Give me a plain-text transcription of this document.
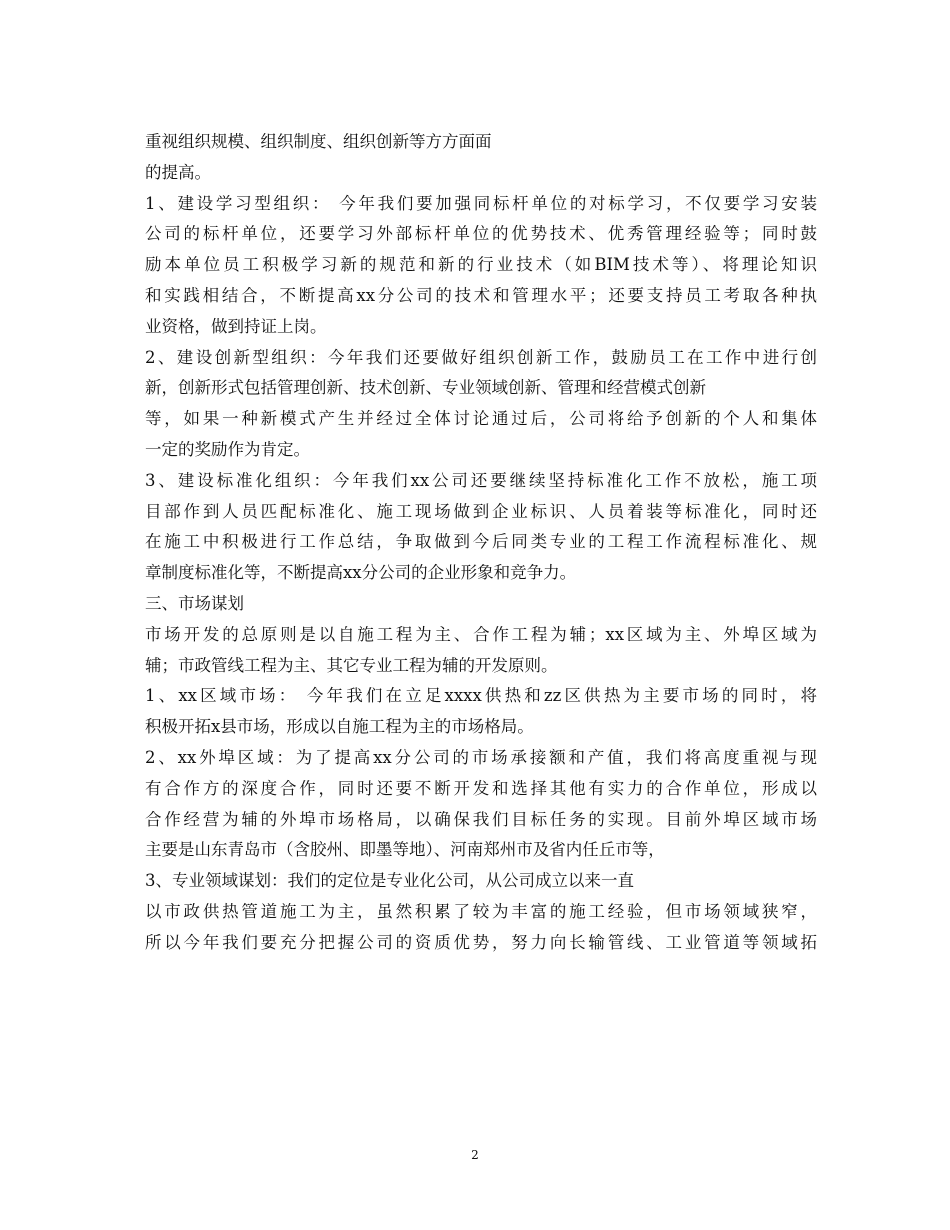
重视组织规模、组织制度、组织创新等方方面面
的提高。
1、建设学习型组织： 今年我们要加强同标杆单位的对标学习，不仅要学习安装
公司的标杆单位，还要学习外部标杆单位的优势技术、优秀管理经验等；同时鼓
励本单位员工积极学习新的规范和新的行业技术（如BIM技术等）、将理论知识
和实践相结合，不断提高xx分公司的技术和管理水平；还要支持员工考取各种执
业资格，做到持证上岗。
2、建设创新型组织：今年我们还要做好组织创新工作，鼓励员工在工作中进行创
新，创新形式包括管理创新、技术创新、专业领域创新、管理和经营模式创新
等，如果一种新模式产生并经过全体讨论通过后，公司将给予创新的个人和集体
一定的奖励作为肯定。
3、建设标准化组织：今年我们xx公司还要继续坚持标准化工作不放松，施工项
目部作到人员匹配标准化、施工现场做到企业标识、人员着装等标准化，同时还
在施工中积极进行工作总结，争取做到今后同类专业的工程工作流程标准化、规
章制度标准化等，不断提高xx分公司的企业形象和竞争力。
三、市场谋划
市场开发的总原则是以自施工程为主、合作工程为辅；xx区域为主、外埠区域为
辅；市政管线工程为主、其它专业工程为辅的开发原则。
1、xx区域市场： 今年我们在立足xxxx供热和zz区供热为主要市场的同时，将
积极开拓x县市场，形成以自施工程为主的市场格局。
2、xx外埠区域：为了提高xx分公司的市场承接额和产值，我们将高度重视与现
有合作方的深度合作，同时还要不断开发和选择其他有实力的合作单位，形成以
合作经营为辅的外埠市场格局，以确保我们目标任务的实现。目前外埠区域市场
主要是山东青岛市（含胶州、即墨等地）、河南郑州市及省内任丘市等，
3、专业领域谋划：我们的定位是专业化公司，从公司成立以来一直
以市政供热管道施工为主，虽然积累了较为丰富的施工经验，但市场领域狭窄，
所以今年我们要充分把握公司的资质优势，努力向长输管线、工业管道等领域拓
2
